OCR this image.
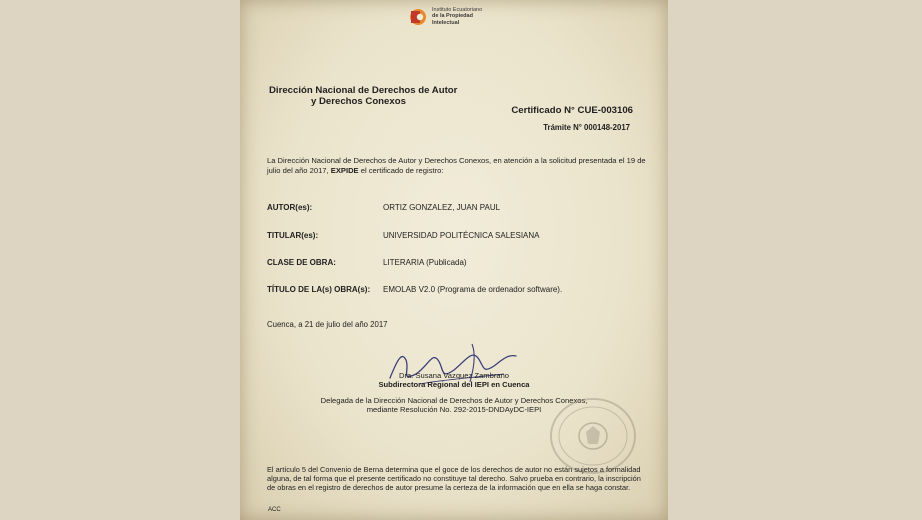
Instituto Ecuatoriano
de la Propiedad
Intelectual
Dirección Nacional de Derechos de Autor
y Derechos Conexos

Certificado N° CUE-003106

Trámite N° 000148-2017

La Dirección Nacional de Derechos de Autor y Derechos Conexos, en atención a la solicitud presentada el 19 de julio del año 2017, EXPIDE el certificado de registro:

AUTOR(es):	ORTIZ GONZALEZ, JUAN PAUL

TITULAR(es):	UNIVERSIDAD POLITÉCNICA SALESIANA

CLASE DE OBRA:	LITERARIA (Publicada)

TÍTULO DE LA(s) OBRA(s): EMOLAB V2.0 (Programa de ordenador software).

Cuenca, a 21 de julio del año 2017

Dra. Susana Vazquez Zambrano
Subdirectora Regional del IEPI en Cuenca
Delegada de la Dirección Nacional de Derechos de Autor y Derechos Conexos,
mediante Resolución No. 292-2015-DNDAyDC-IEPI

El artículo 5 del Convenio de Berna determina que el goce de los derechos de autor no están sujetos a formalidad alguna, de tal forma que el presente certificado no constituye tal derecho. Salvo prueba en contrario, la inscripción de obras en el registro de derechos de autor presume la certeza de la información que en ella se haga constar.

ACC
